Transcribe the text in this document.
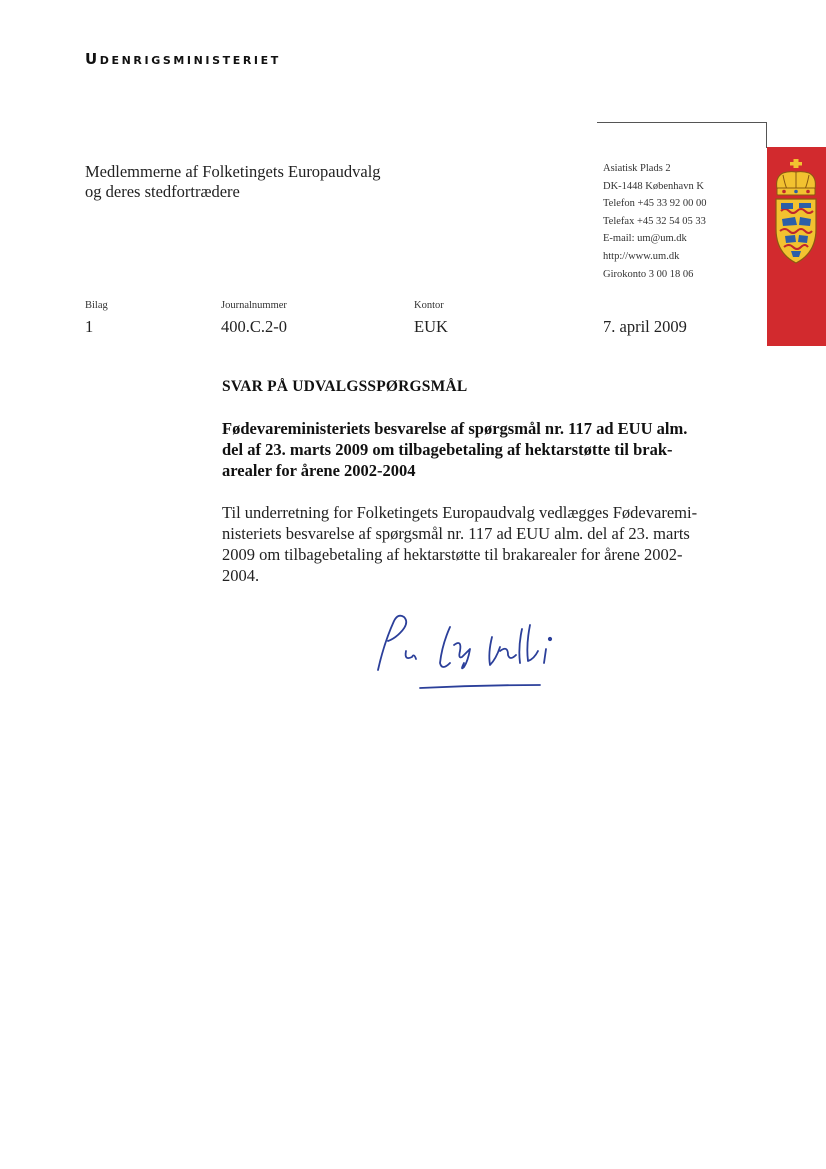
Udenrigsministeriet
Medlemmerne af Folketingets Europaudvalg
og deres stedfortrædere
Asiatisk Plads 2
DK-1448 København K
Telefon +45 33 92 00 00
Telefax +45 32 54 05 33
E-mail: um@um.dk
http://www.um.dk
Girokonto 3 00 18 06
Bilag
1
Journalnummer
400.C.2-0
Kontor
EUK	7. april 2009
SVAR PÅ UDVALGSSPØRGSMÅL
Fødevareministeriets besvarelse af spørgsmål nr. 117 ad EUU alm.
del af 23. marts 2009 om tilbagebetaling af hektarstøtte til brak-
arealer for årene 2002-2004
Til underretning for Folketingets Europaudvalg vedlægges Fødevaremi-
nisteriets besvarelse af spørgsmål nr. 117 ad EUU alm. del af 23. marts
2009 om tilbagebetaling af hektarstøtte til brakarealer for årene 2002-
2004.
